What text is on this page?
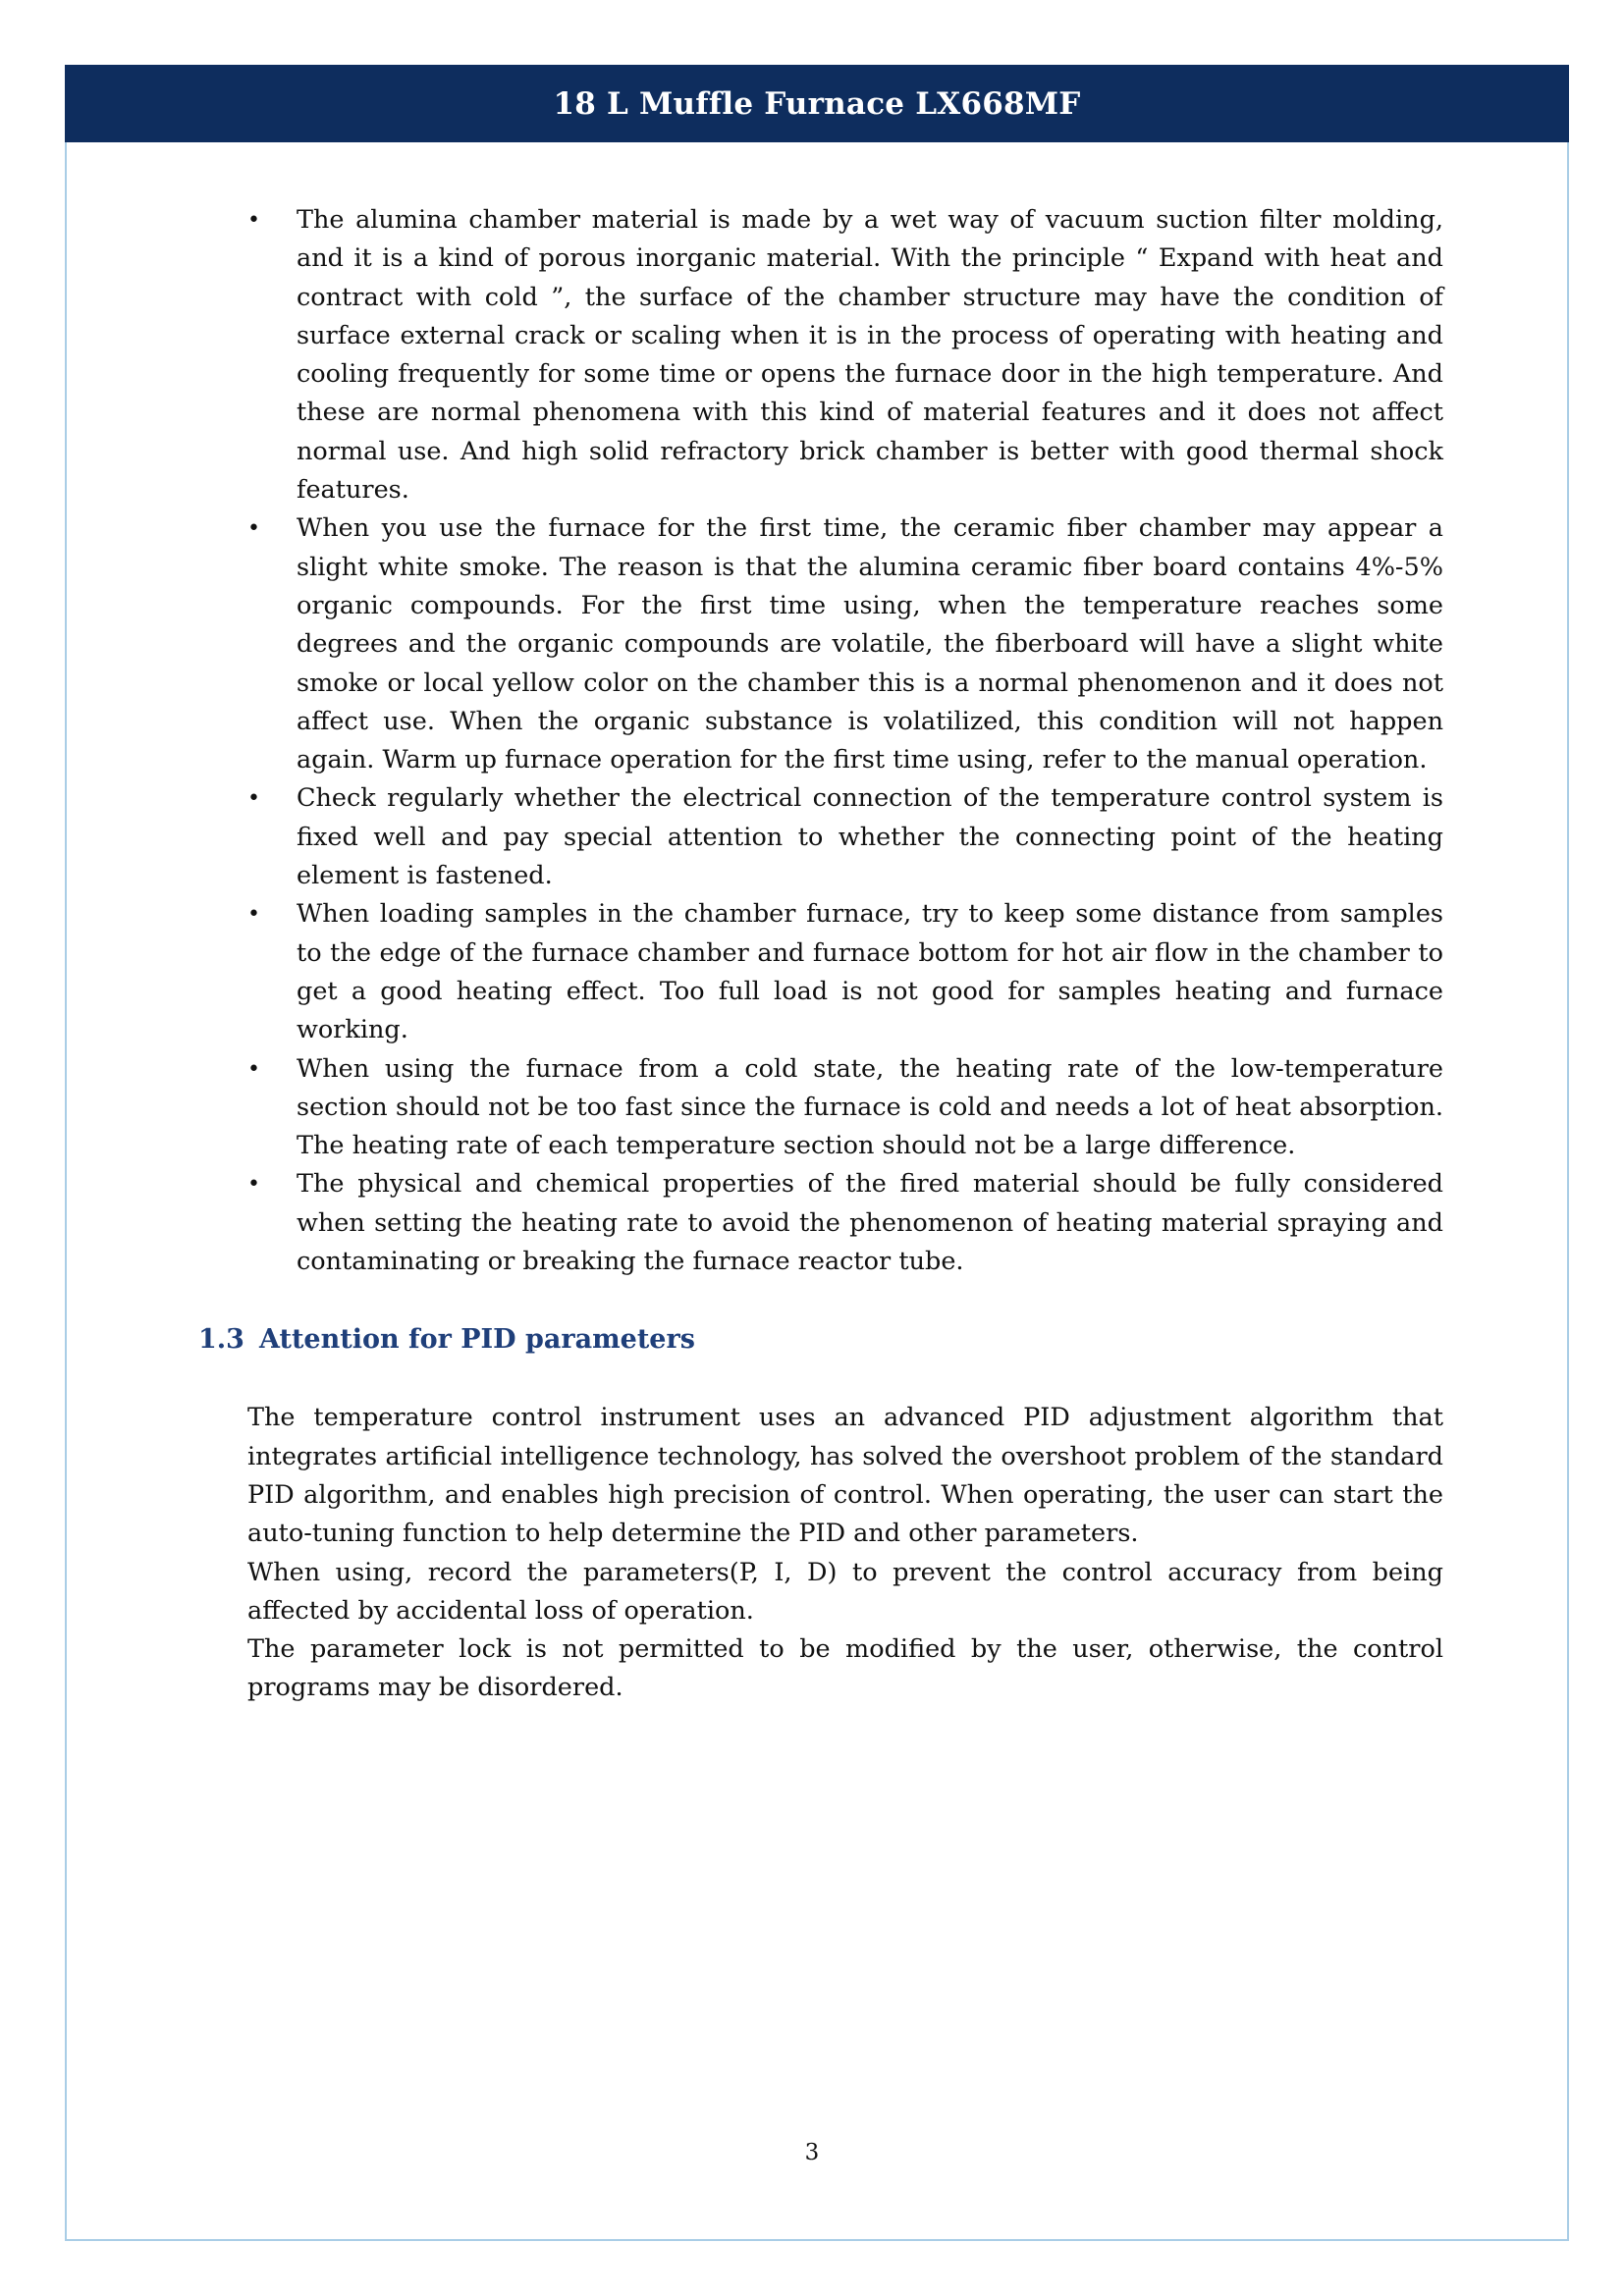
18 L Muffle Furnace LX668MF
• The alumina chamber material is made by a wet way of vacuum suction filter molding, and it is a kind of porous inorganic material. With the principle “ Expand with heat and contract with cold ”, the surface of the chamber structure may have the condition of surface external crack or scaling when it is in the process of operating with heating and cooling frequently for some time or opens the furnace door in the high temperature. And these are normal phenomena with this kind of material features and it does not affect normal use. And high solid refractory brick chamber is better with good thermal shock features.
• When you use the furnace for the first time, the ceramic fiber chamber may appear a slight white smoke. The reason is that the alumina ceramic fiber board contains 4%-5% organic compounds. For the first time using, when the temperature reaches some degrees and the organic compounds are volatile, the fiberboard will have a slight white smoke or local yellow color on the chamber this is a normal phenomenon and it does not affect use. When the organic substance is volatilized, this condition will not happen again. Warm up furnace operation for the first time using, refer to the manual operation.
• Check regularly whether the electrical connection of the temperature control system is fixed well and pay special attention to whether the connecting point of the heating element is fastened.
• When loading samples in the chamber furnace, try to keep some distance from samples to the edge of the furnace chamber and furnace bottom for hot air flow in the chamber to get a good heating effect. Too full load is not good for samples heating and furnace working.
• When using the furnace from a cold state, the heating rate of the low-temperature section should not be too fast since the furnace is cold and needs a lot of heat absorption. The heating rate of each temperature section should not be a large difference.
• The physical and chemical properties of the fired material should be fully considered when setting the heating rate to avoid the phenomenon of heating material spraying and contaminating or breaking the furnace reactor tube.
1.3 Attention for PID parameters

The temperature control instrument uses an advanced PID adjustment algorithm that integrates artificial intelligence technology, has solved the overshoot problem of the standard PID algorithm, and enables high precision of control. When operating, the user can start the auto-tuning function to help determine the PID and other parameters.

When using, record the parameters(P, I, D) to prevent the control accuracy from being affected by accidental loss of operation.

The parameter lock is not permitted to be modified by the user, otherwise, the control programs may be disordered.

3
